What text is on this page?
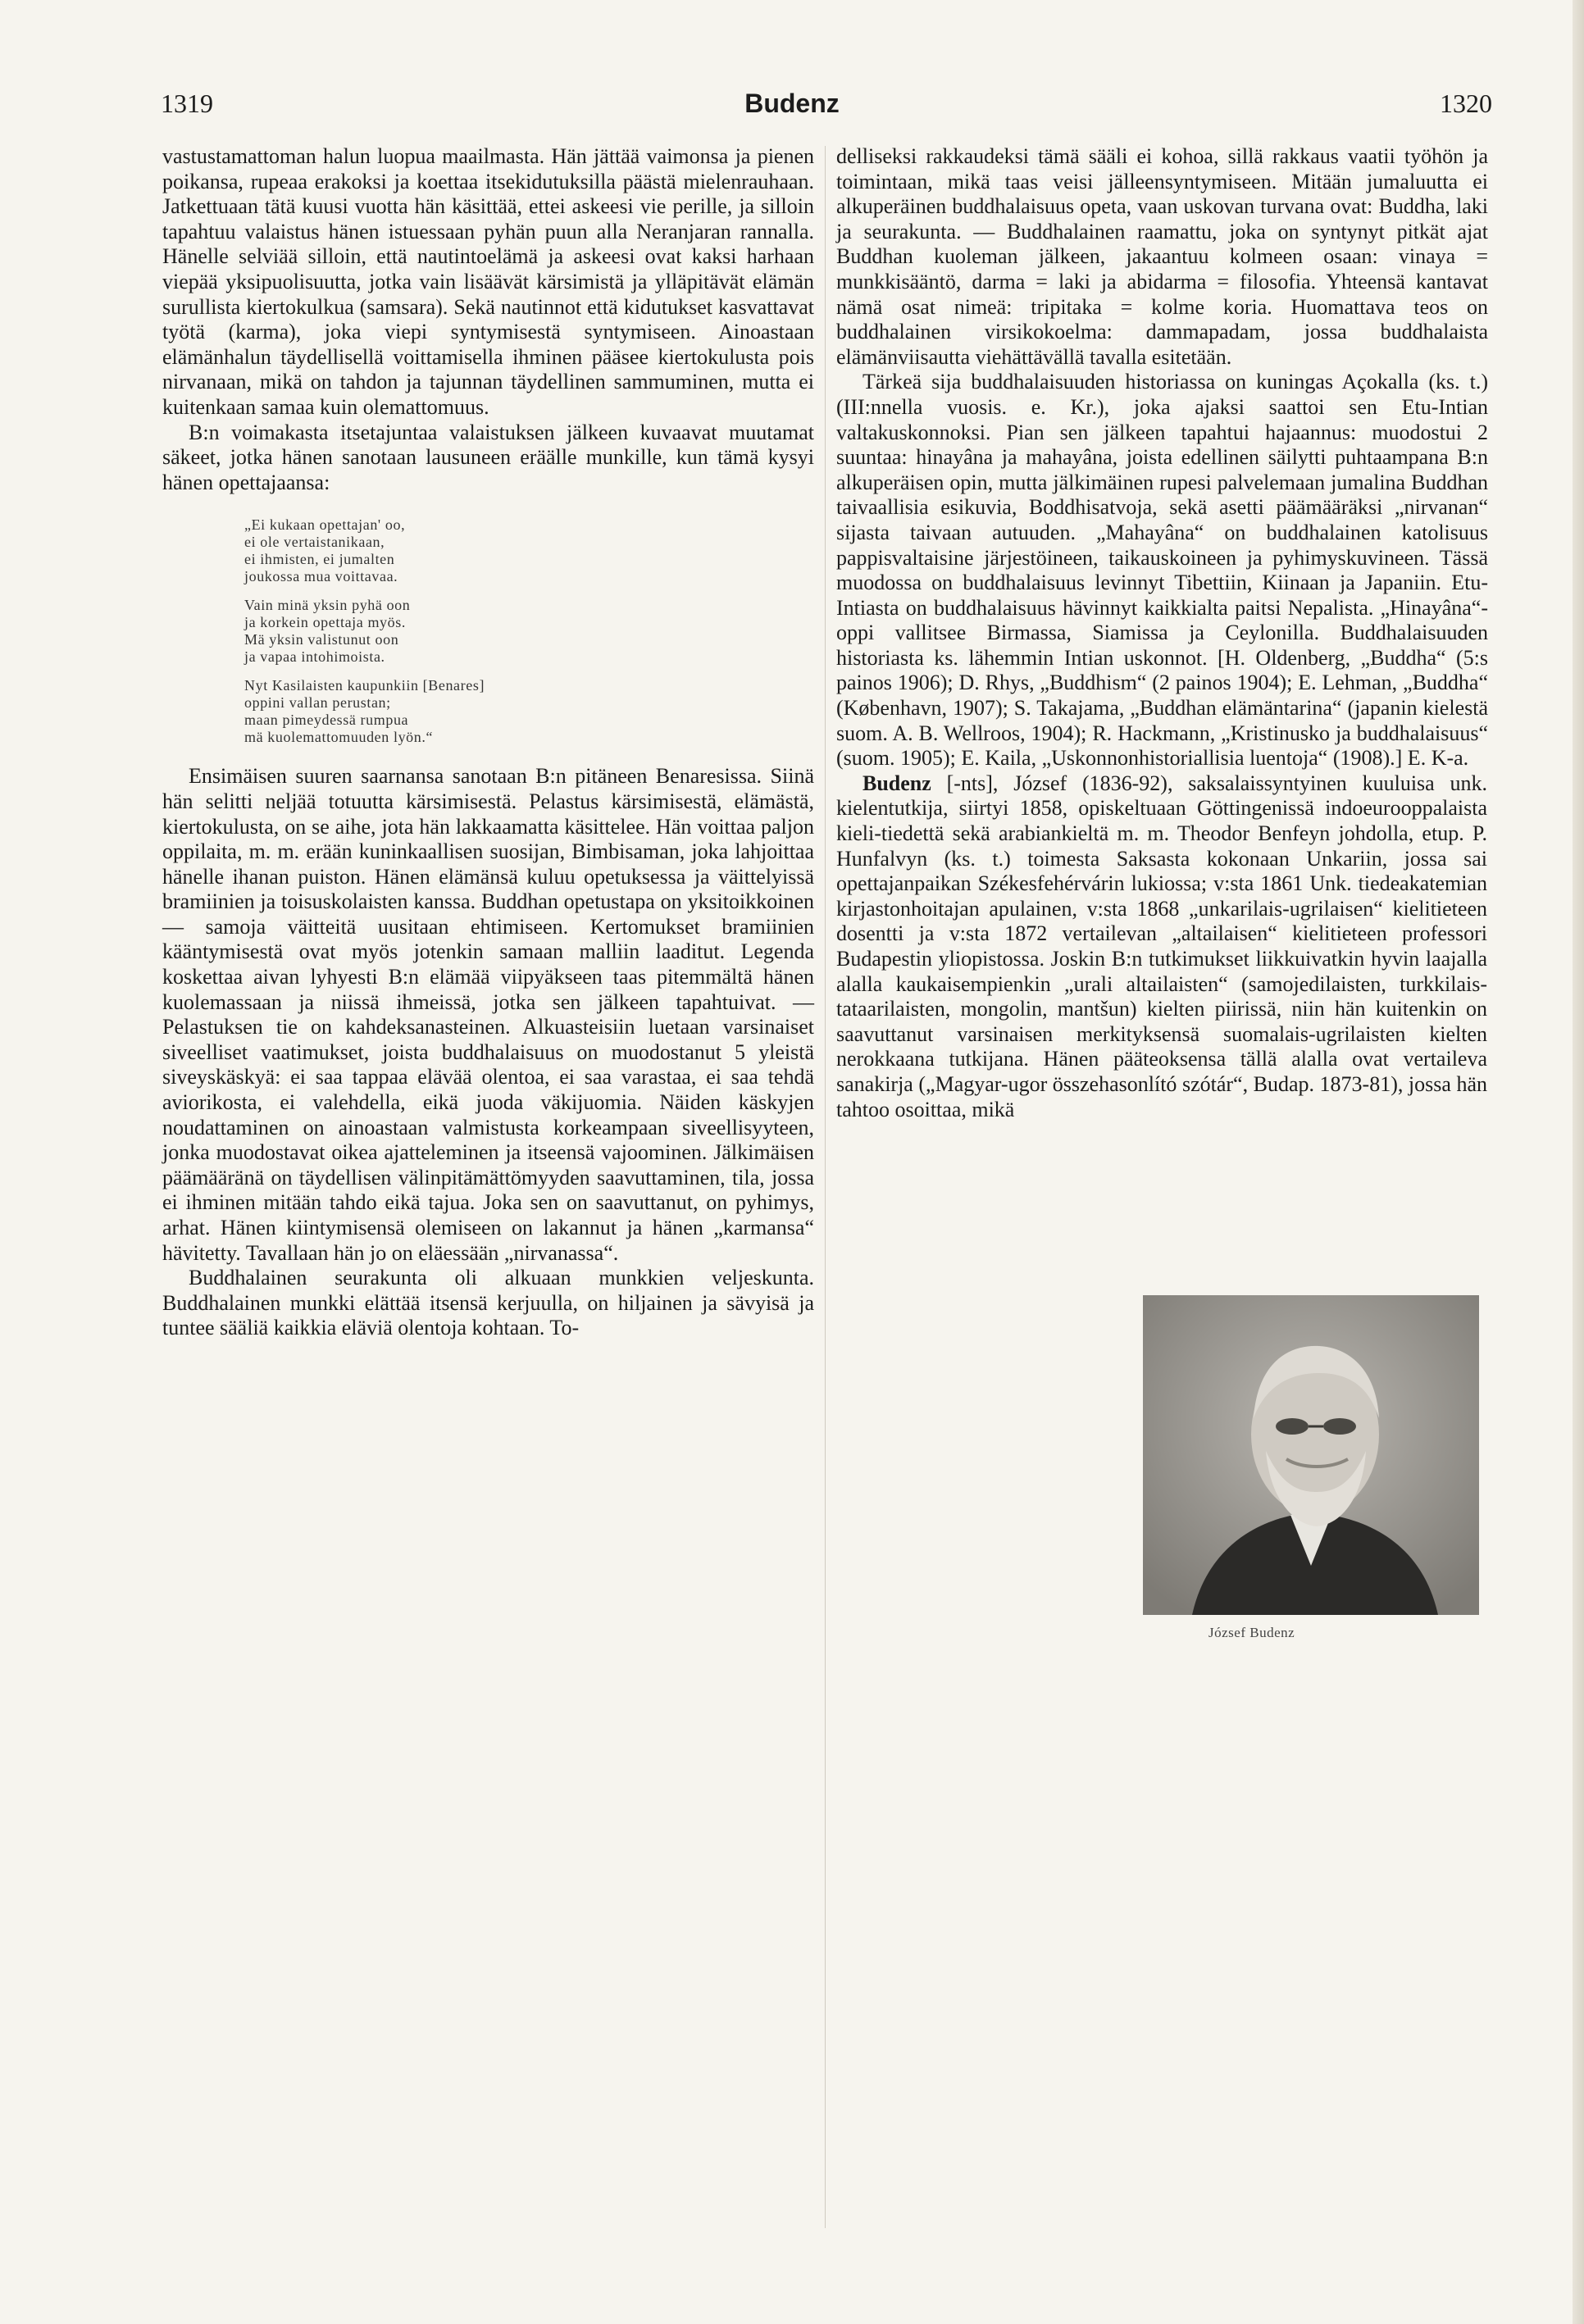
1319	Budenz	1320

vastustamattoman halun luopua maailmasta. Hän jättää vaimonsa ja pienen poikansa, rupeaa erakoksi ja koettaa itsekidutuksilla päästä mielenrauhaan. Jatkettuaan tätä kuusi vuotta hän käsittää, ettei askeesi vie perille, ja silloin tapahtuu valaistus hänen istuessaan pyhän puun alla Neranjaran rannalla. Hänelle selviää silloin, että nautintoelämä ja askeesi ovat kaksi harhaan viepää yksipuolisuutta, jotka vain lisäävät kärsimistä ja ylläpitävät elämän surullista kiertokulkua (samsara). Sekä nautinnot että kidutukset kasvattavat työtä (karma), joka viepi syntymisestä syntymiseen. Ainoastaan elämänhalun täydellisellä voittamisella ihminen pääsee kiertokulusta pois nirvanaan, mikä on tahdon ja tajunnan täydellinen sammuminen, mutta ei kuitenkaan samaa kuin olemattomuus.

B:n voimakasta itsetajuntaa valaistuksen jälkeen kuvaavat muutamat säkeet, jotka hänen sanotaan lausuneen eräälle munkille, kun tämä kysyi hänen opettajaansa:

„Ei kukaan opettajan' oo,
ei ole vertaistanikaan,
ei ihmisten, ei jumalten
joukossa mua voittavaa.
Vain minä yksin pyhä oon
ja korkein opettaja myös.
Mä yksin valistunut oon
ja vapaa intohimoista.
Nyt Kasilaisten kaupunkiin [Benares]
oppini vallan perustan;
maan pimeydessä rumpua
mä kuolemattomuuden lyön.“

Ensimäisen suuren saarnansa sanotaan B:n pitäneen Benaresissa. Siinä hän selitti neljää totuutta kärsimisestä. Pelastus kärsimisestä, elämästä, kiertokulusta, on se aihe, jota hän lakkaamatta käsittelee. Hän voittaa paljon oppilaita, m. m. erään kuninkaallisen suosijan, Bimbisaman, joka lahjoittaa hänelle ihanan puiston. Hänen elämänsä kuluu opetuksessa ja väittelyissä bramiinien ja toisuskolaisten kanssa. Buddhan opetustapa on yksitoikkoinen — samoja väitteitä uusitaan ehtimiseen. Kertomukset bramiinien kääntymisestä ovat myös jotenkin samaan malliin laaditut. Legenda koskettaa aivan lyhyesti B:n elämää viipyäkseen taas pitemmältä hänen kuolemassaan ja niissä ihmeissä, jotka sen jälkeen tapahtuivat. — Pelastuksen tie on kahdeksanasteinen. Alkuasteisiin luetaan varsinaiset siveelliset vaatimukset, joista buddhalaisuus on muodostanut 5 yleistä siveyskäskyä: ei saa tappaa elävää olentoa, ei saa varastaa, ei saa tehdä aviorikosta, ei valehdella, eikä juoda väkijuomia. Näiden käskyjen noudattaminen on ainoastaan valmistusta korkeampaan siveellisyyteen, jonka muodostavat oikea ajatteleminen ja itseensä vajoominen. Jälkimäisen päämääränä on täydellisen välinpitämättömyyden saavuttaminen, tila, jossa ei ihminen mitään tahdo eikä tajua. Joka sen on saavuttanut, on pyhimys, arhat. Hänen kiintymisensä olemiseen on lakannut ja hänen „karmansa“ hävitetty. Tavallaan hän jo on eläessään „nirvanassa“.

Buddhalainen seurakunta oli alkuaan munkkien veljeskunta. Buddhalainen munkki elättää itsensä kerjuulla, on hiljainen ja sävyisä ja tuntee sääliä kaikkia eläviä olentoja kohtaan. To-

delliseksi rakkaudeksi tämä sääli ei kohoa, sillä rakkaus vaatii työhön ja toimintaan, mikä taas veisi jälleensyntymiseen. Mitään jumaluutta ei alkuperäinen buddhalaisuus opeta, vaan uskovan turvana ovat: Buddha, laki ja seurakunta. — Buddhalainen raamattu, joka on syntynyt pitkät ajat Buddhan kuoleman jälkeen, jakaantuu kolmeen osaan: vinaya = munkkisääntö, darma = laki ja abidarma = filosofia. Yhteensä kantavat nämä osat nimeä: tripitaka = kolme koria. Huomattava teos on buddhalainen virsikokoelma: dammapadam, jossa buddhalaista elämänviisautta viehättävällä tavalla esitetään.

Tärkeä sija buddhalaisuuden historiassa on kuningas Açokalla (ks. t.) (III:nnella vuosis. e. Kr.), joka ajaksi saattoi sen Etu-Intian valtakuskonnoksi. Pian sen jälkeen tapahtui hajaannus: muodostui 2 suuntaa: hinayâna ja mahayâna, joista edellinen säilytti puhtaampana B:n alkuperäisen opin, mutta jälkimäinen rupesi palvelemaan jumalina Buddhan taivaallisia esikuvia, Boddhisatvoja, sekä asetti päämääräksi „nirvanan“ sijasta taivaan autuuden. „Mahayâna“ on buddhalainen katolisuus pappisvaltaisine järjestöineen, taikauskoineen ja pyhimyskuvineen. Tässä muodossa on buddhalaisuus levinnyt Tibettiin, Kiinaan ja Japaniin. Etu-Intiasta on buddhalaisuus hävinnyt kaikkialta paitsi Nepalista. „Hinayâna“-oppi vallitsee Birmassa, Siamissa ja Ceylonilla. Buddhalaisuuden historiasta ks. lähemmin Intian uskonnot. [H. Oldenberg, „Buddha“ (5:s painos 1906); D. Rhys, „Buddhism“ (2 painos 1904); E. Lehman, „Buddha“ (København, 1907); S. Takajama, „Buddhan elämäntarina“ (japanin kielestä suom. A. B. Wellroos, 1904); R. Hackmann, „Kristinusko ja buddhalaisuus“ (suom. 1905); E. Kaila, „Uskonnonhistoriallisia luentoja“ (1908).] E. K-a.

Budenz [-nts], József (1836-92), saksalaissyntyinen kuuluisa unk. kielentutkija, siirtyi 1858, opiskeltuaan Göttingenissä indoeurooppalaista kieli-tiedettä sekä arabiankieltä m. m. Theodor Benfeyn johdolla, etup. P. Hunfalvyn (ks. t.) toimesta Saksasta kokonaan Unkariin, jossa sai opettajanpaikan Székesfehérvárin lukiossa; v:sta 1861 Unk. tiedeakatemian kirjastonhoitajan apulainen, v:sta 1868 „unkarilais-ugrilaisen“ kielitieteen dosentti ja v:sta 1872 vertailevan „altailaisen“ kielitieteen professori Budapestin yliopistossa. Joskin B:n tutkimukset liikkuivatkin hyvin laajalla alalla kaukaisempienkin „urali altailaisten“ (samojedilaisten, turkkilais-tataarilaisten, mongolin, mantšun) kielten piirissä, niin hän kuitenkin on saavuttanut varsinaisen merkityksensä suomalais-ugrilaisten kielten nerokkaana tutkijana. Hänen pääteoksensa tällä alalla ovat vertaileva sanakirja („Magyar-ugor összehasonlító szótár“, Budap. 1873-81), jossa hän tahtoo osoittaa, mikä

József Budenz
